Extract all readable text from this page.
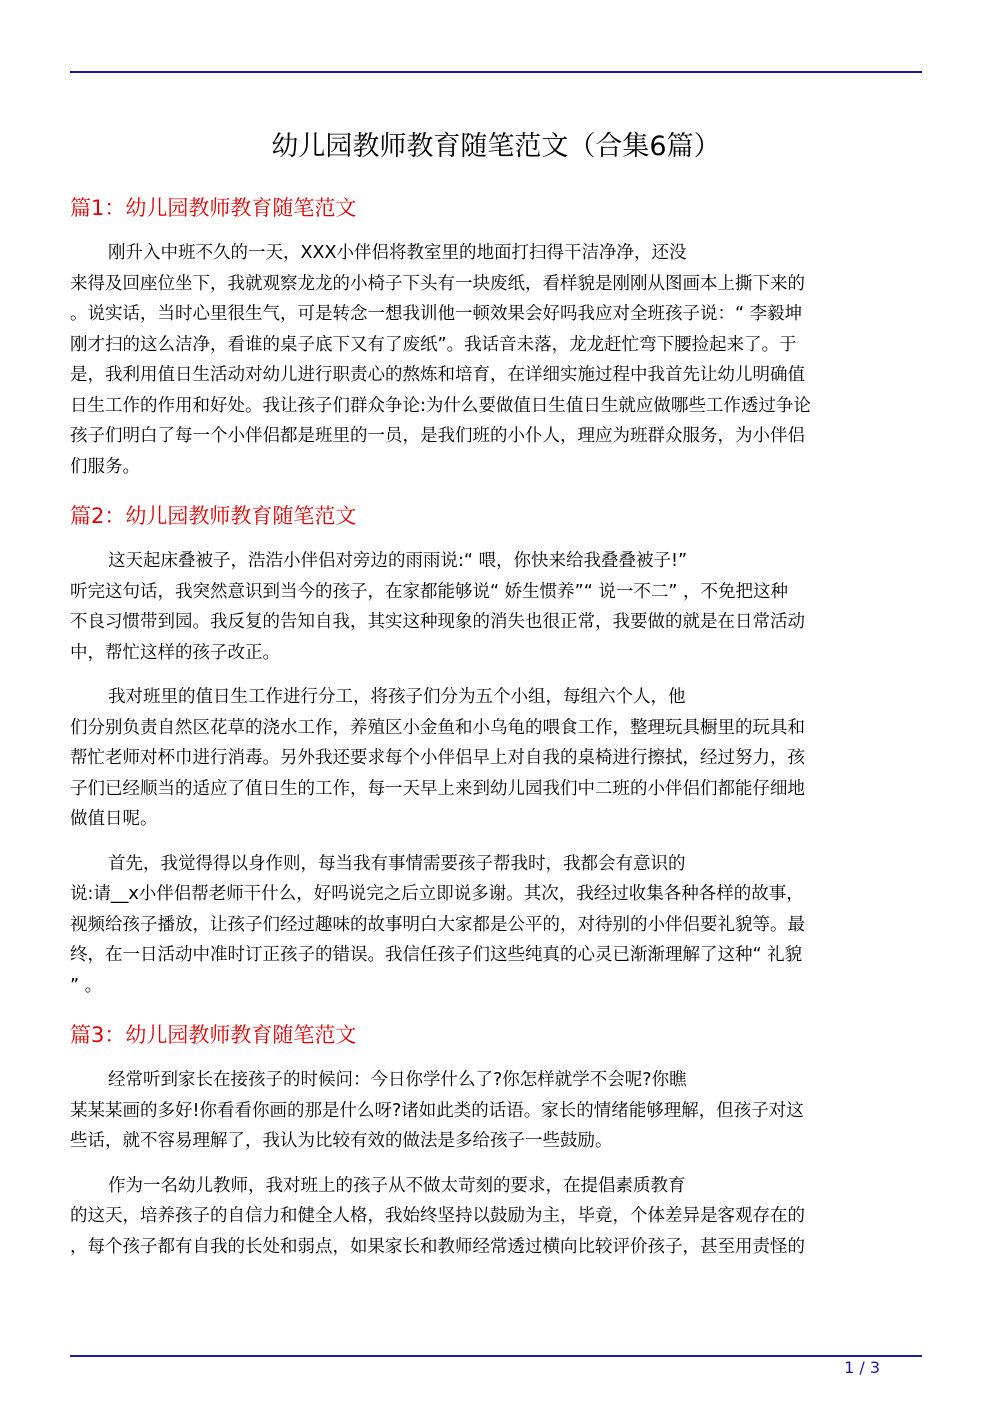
幼儿园教师教育随笔范文（合集6篇）
篇1：幼儿园教师教育随笔范文

刚升入中班不久的一天，XXX小伴侣将教室里的地面打扫得干洁净净，还没
来得及回座位坐下，我就观察龙龙的小椅子下头有一块废纸，看样貌是刚刚从图画本上撕下来的
。说实话，当时心里很生气，可是转念一想我训他一顿效果会好吗我应对全班孩子说：“ 李毅坤
刚才扫的这么洁净，看谁的桌子底下又有了废纸”。我话音未落，龙龙赶忙弯下腰捡起来了。于
是，我利用值日生活动对幼儿进行职责心的熬炼和培育，在详细实施过程中我首先让幼儿明确值
日生工作的作用和好处。我让孩子们群众争论:为什么要做值日生值日生就应做哪些工作透过争论
孩子们明白了每一个小伴侣都是班里的一员，是我们班的小仆人，理应为班群众服务，为小伴侣
们服务。

篇2：幼儿园教师教育随笔范文

这天起床叠被子，浩浩小伴侣对旁边的雨雨说:“ 喂，你快来给我叠叠被子!”
听完这句话，我突然意识到当今的孩子，在家都能够说“ 娇生惯养”“ 说一不二” ，不免把这种
不良习惯带到园。我反复的告知自我，其实这种现象的消失也很正常，我要做的就是在日常活动
中，帮忙这样的孩子改正。

我对班里的值日生工作进行分工，将孩子们分为五个小组，每组六个人，他
们分别负责自然区花草的浇水工作，养殖区小金鱼和小乌龟的喂食工作，整理玩具橱里的玩具和
帮忙老师对杯巾进行消毒。另外我还要求每个小伴侣早上对自我的桌椅进行擦拭，经过努力，孩
子们已经顺当的适应了值日生的工作，每一天早上来到幼儿园我们中二班的小伴侣们都能仔细地
做值日呢。

首先，我觉得得以身作则，每当我有事情需要孩子帮我时，我都会有意识的
说:请__x小伴侣帮老师干什么，好吗说完之后立即说多谢。其次，我经过收集各种各样的故事，
视频给孩子播放，让孩子们经过趣味的故事明白大家都是公平的，对待别的小伴侣要礼貌等。最
终，在一日活动中准时订正孩子的错误。我信任孩子们这些纯真的心灵已渐渐理解了这种“ 礼貌
” 。

篇3：幼儿园教师教育随笔范文

经常听到家长在接孩子的时候问：今日你学什么了?你怎样就学不会呢?你瞧
某某某画的多好!你看看你画的那是什么呀?诸如此类的话语。家长的情绪能够理解，但孩子对这
些话，就不容易理解了，我认为比较有效的做法是多给孩子一些鼓励。

作为一名幼儿教师，我对班上的孩子从不做太苛刻的要求，在提倡素质教育
的这天，培养孩子的自信力和健全人格，我始终坚持以鼓励为主，毕竟，个体差异是客观存在的
，每个孩子都有自我的长处和弱点，如果家长和教师经常透过横向比较评价孩子，甚至用责怪的

1 / 3
